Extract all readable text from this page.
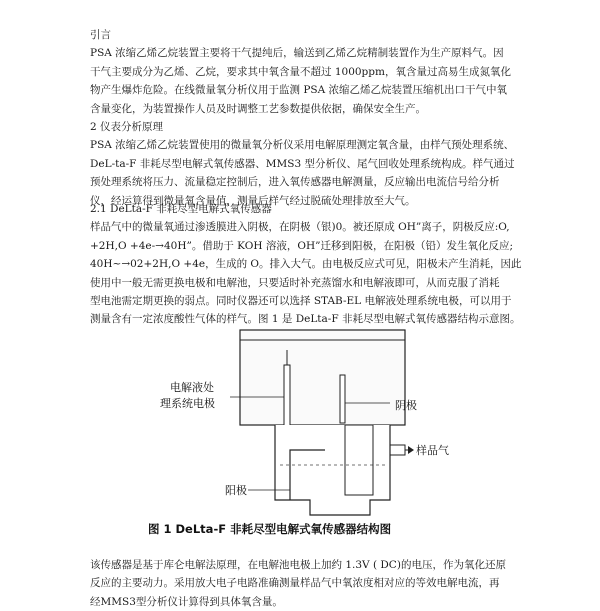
引言
PSA 浓缩乙烯乙烷装置主要将干气提纯后，输送到乙烯乙烷精制装置作为生产原料气。因
干气主要成分为乙烯、乙烷，要求其中氧含量不超过 1000ppm，氧含量过高易生成氮氧化
物产生爆炸危险。在线微量氧分析仪用于监测 PSA 浓缩乙烯乙烷装置压缩机出口干气中氧
含量变化，为装置操作人员及时调整工艺参数提供依据，确保安全生产。
2 仪表分析原理
PSA 浓缩乙烯乙烷装置使用的微量氧分析仪采用电解原理测定氧含量，由样气预处理系统、
DeL-ta-F 非耗尽型电解式氧传感器、MMS3 型分析仪、尾气回收处理系统构成。样气通过
预处理系统将压力、流量稳定控制后，进入氧传感器电解测量，反应输出电流信号给分析
仪，经运算得到微量氧含量值，测量后样气经过脱硫处理排放至大气。
2.1 DeLta-F 非耗尽型电解式氧传感器
样品气中的微量氧通过渗透膜进入阴极，在阴极（银)0。被还原成 OH”离子，阴极反应:O,
+2H,O +4e-→40H”。借助于 KOH 溶液，OH”迁移到阳极，在阳极（铅）发生氧化反应;
40H~→02+2H,O +4e，生成的 O。排入大气。由电极反应式可见，阳极未产生消耗，因此
使用中一般无需更换电极和电解池，只要适时补充蒸馏水和电解液即可，从而克服了消耗
型电池需定期更换的弱点。同时仪器还可以选择 STAB-EL 电解液处理系统电极，可以用于
测量含有一定浓度酸性气体的样气。图 1 是 DeLta-F 非耗尽型电解式氧传感器结构示意图。
电解液处
理系统电极	阴极
样品气
阳极
图 1 DeLta-F 非耗尽型电解式氧传感器结构图
该传感器是基于库仑电解法原理，在电解池电极上加约 1.3V ( DC)的电压，作为氧化还原
反应的主要动力。采用放大电子电路准确测量样品气中氧浓度相对应的等效电解电流，再
经MMS3型分析仪计算得到具体氧含量。
